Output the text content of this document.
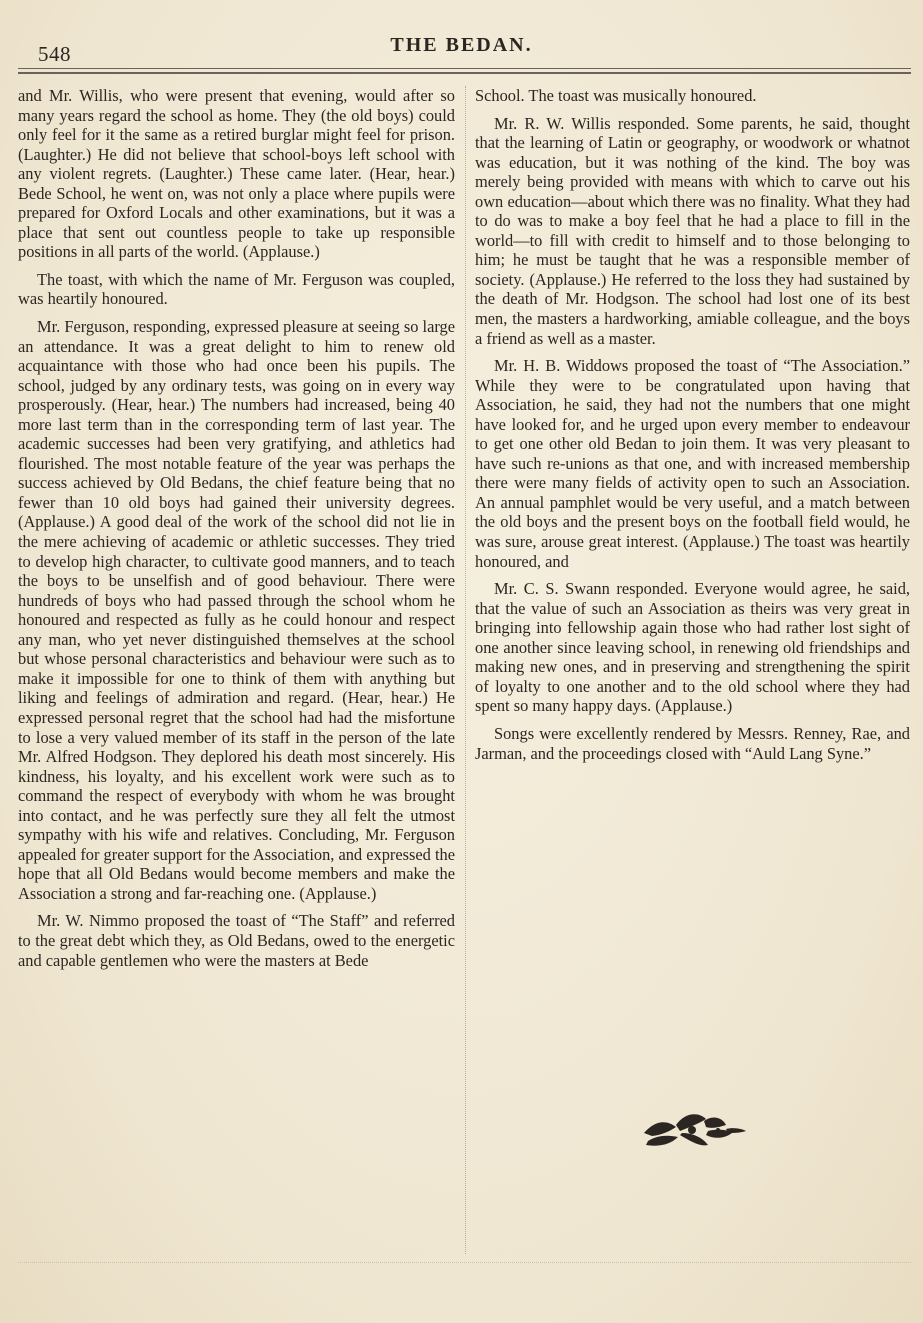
548	THE BEDAN.

and Mr. Willis, who were present that evening, would after so many years regard the school as home. They (the old boys) could only feel for it the same as a retired burglar might feel for prison. (Laughter.) He did not believe that school-boys left school with any violent regrets. (Laughter.) These came later. (Hear, hear.) Bede School, he went on, was not only a place where pupils were prepared for Oxford Locals and other examinations, but it was a place that sent out countless people to take up responsible positions in all parts of the world. (Applause.)

The toast, with which the name of Mr. Ferguson was coupled, was heartily honoured.

Mr. Ferguson, responding, expressed pleasure at seeing so large an attendance. It was a great delight to him to renew old acquaintance with those who had once been his pupils. The school, judged by any ordinary tests, was going on in every way prosperously. (Hear, hear.) The numbers had increased, being 40 more last term than in the corresponding term of last year. The academic successes had been very gratifying, and athletics had flourished. The most notable feature of the year was perhaps the success achieved by Old Bedans, the chief feature being that no fewer than 10 old boys had gained their university degrees. (Applause.) A good deal of the work of the school did not lie in the mere achieving of academic or athletic successes. They tried to develop high character, to cultivate good manners, and to teach the boys to be unselfish and of good behaviour. There were hundreds of boys who had passed through the school whom he honoured and respected as fully as he could honour and respect any man, who yet never distinguished themselves at the school but whose personal characteristics and behaviour were such as to make it impossible for one to think of them with anything but liking and feelings of admiration and regard. (Hear, hear.) He expressed personal regret that the school had had the misfortune to lose a very valued member of its staff in the person of the late Mr. Alfred Hodgson. They deplored his death most sincerely. His kindness, his loyalty, and his excellent work were such as to command the respect of everybody with whom he was brought into contact, and he was perfectly sure they all felt the utmost sympathy with his wife and relatives. Concluding, Mr. Ferguson appealed for greater support for the Association, and expressed the hope that all Old Bedans would become members and make the Association a strong and far-reaching one. (Applause.)

Mr. W. Nimmo proposed the toast of “The Staff” and referred to the great debt which they, as Old Bedans, owed to the energetic and capable gentlemen who were the masters at Bede

School. The toast was musically honoured.

Mr. R. W. Willis responded. Some parents, he said, thought that the learning of Latin or geography, or woodwork or whatnot was education, but it was nothing of the kind. The boy was merely being provided with means with which to carve out his own education—about which there was no finality. What they had to do was to make a boy feel that he had a place to fill in the world—to fill with credit to himself and to those belonging to him; he must be taught that he was a responsible member of society. (Applause.) He referred to the loss they had sustained by the death of Mr. Hodgson. The school had lost one of its best men, the masters a hardworking, amiable colleague, and the boys a friend as well as a master.

Mr. H. B. Widdows proposed the toast of “The Association.” While they were to be congratulated upon having that Association, he said, they had not the numbers that one might have looked for, and he urged upon every member to endeavour to get one other old Bedan to join them. It was very pleasant to have such re-unions as that one, and with increased membership there were many fields of activity open to such an Association. An annual pamphlet would be very useful, and a match between the old boys and the present boys on the football field would, he was sure, arouse great interest. (Applause.) The toast was heartily honoured, and

Mr. C. S. Swann responded. Everyone would agree, he said, that the value of such an Association as theirs was very great in bringing into fellowship again those who had rather lost sight of one another since leaving school, in renewing old friendships and making new ones, and in preserving and strengthening the spirit of loyalty to one another and to the old school where they had spent so many happy days. (Applause.)

Songs were excellently rendered by Messrs. Renney, Rae, and Jarman, and the proceedings closed with “Auld Lang Syne.”
